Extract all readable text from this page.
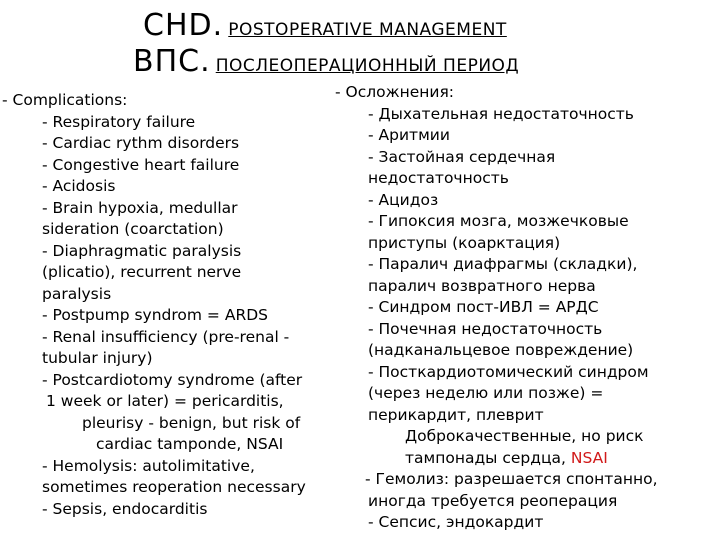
CHD. POSTOPERATIVE MANAGEMENT
ВПС. ПОСЛЕОПЕРАЦИОННЫЙ ПЕРИОД
- Complications:
- Respiratory failure
- Cardiac rythm disorders
- Congestive heart failure
- Acidosis
- Brain hypoxia, medullar
sideration (coarctation)
- Diaphragmatic paralysis
(plicatio), recurrent nerve
paralysis
- Postpump syndrom = ARDS
- Renal insufficiency (pre-renal -
tubular injury)
- Postcardiotomy syndrome (after
1 week or later) = pericarditis,
pleurisy - benign, but risk of
cardiac tamponde, NSAI
- Hemolysis: autolimitative,
sometimes reoperation necessary
- Sepsis, endocarditis
- Осложнения:
- Дыхательная недостаточность
- Аритмии
- Застойная сердечная
недостаточность
- Ацидоз
- Гипоксия мозга, мозжечковые
приступы (коарктация)
- Паралич диафрагмы (складки),
паралич возвратного нерва
- Синдром пост-ИВЛ = АРДС
- Почечная недостаточность
(надканальцевое повреждение)
- Посткардиотомический синдром
(через неделю или позже) =
перикардит, плеврит
Доброкачественные, но риск
тампонады сердца, NSAI
- Гемолиз: разрешается спонтанно,
иногда требуется реоперация
- Сепсис, эндокардит
